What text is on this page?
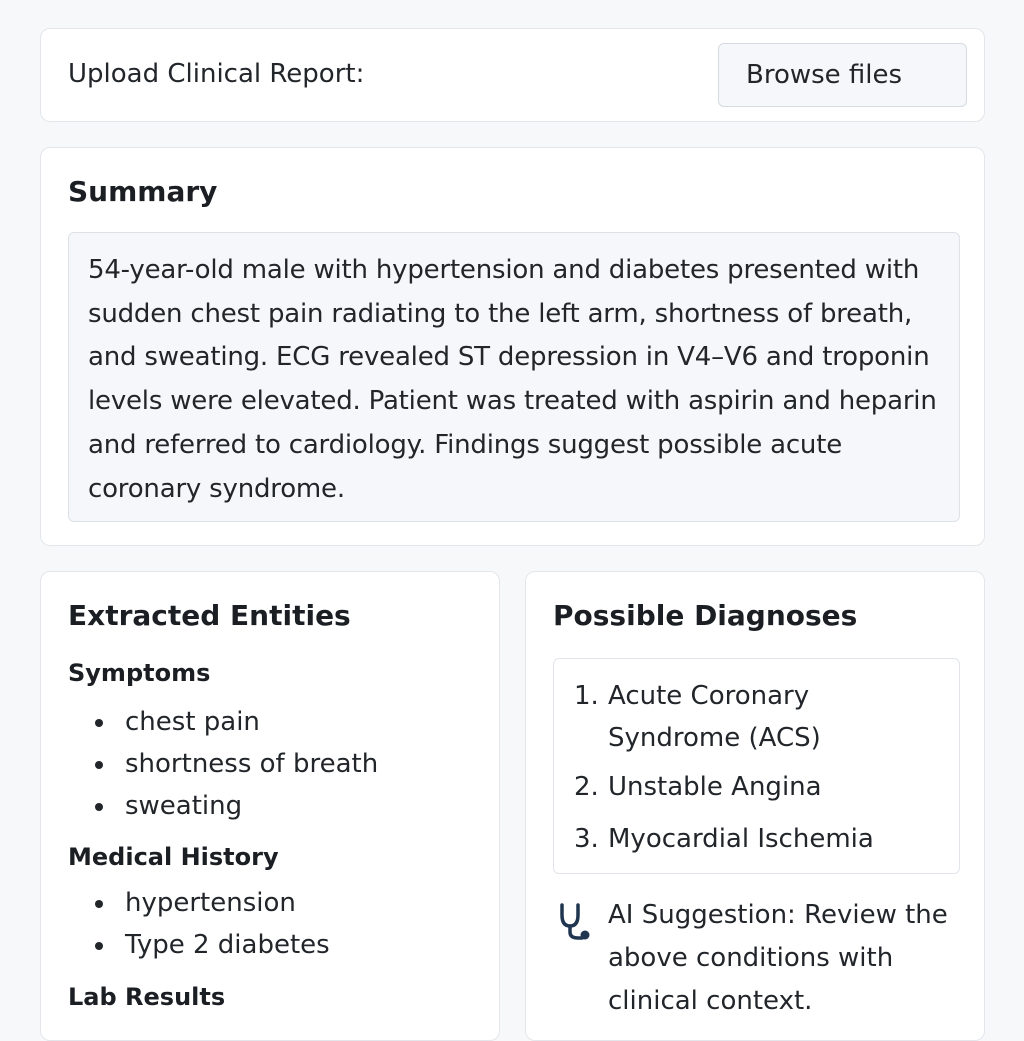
Upload Clinical Report:	Browse files
Summary

54-year-old male with hypertension and diabetes presented with sudden chest pain radiating to the left arm, shortness of breath, and sweating. ECG revealed ST depression in V4–V6 and troponin levels were elevated. Patient was treated with aspirin and heparin and referred to cardiology. Findings suggest possible acute coronary syndrome.

Extracted Entities
Symptoms
chest pain
shortness of breath
sweating
Medical History
hypertension
Type 2 diabetes
Lab Results
Possible Diagnoses
1. Acute Coronary Syndrome (ACS)
2. Unstable Angina
3. Myocardial Ischemia
AI Suggestion: Review the above conditions with clinical context.
